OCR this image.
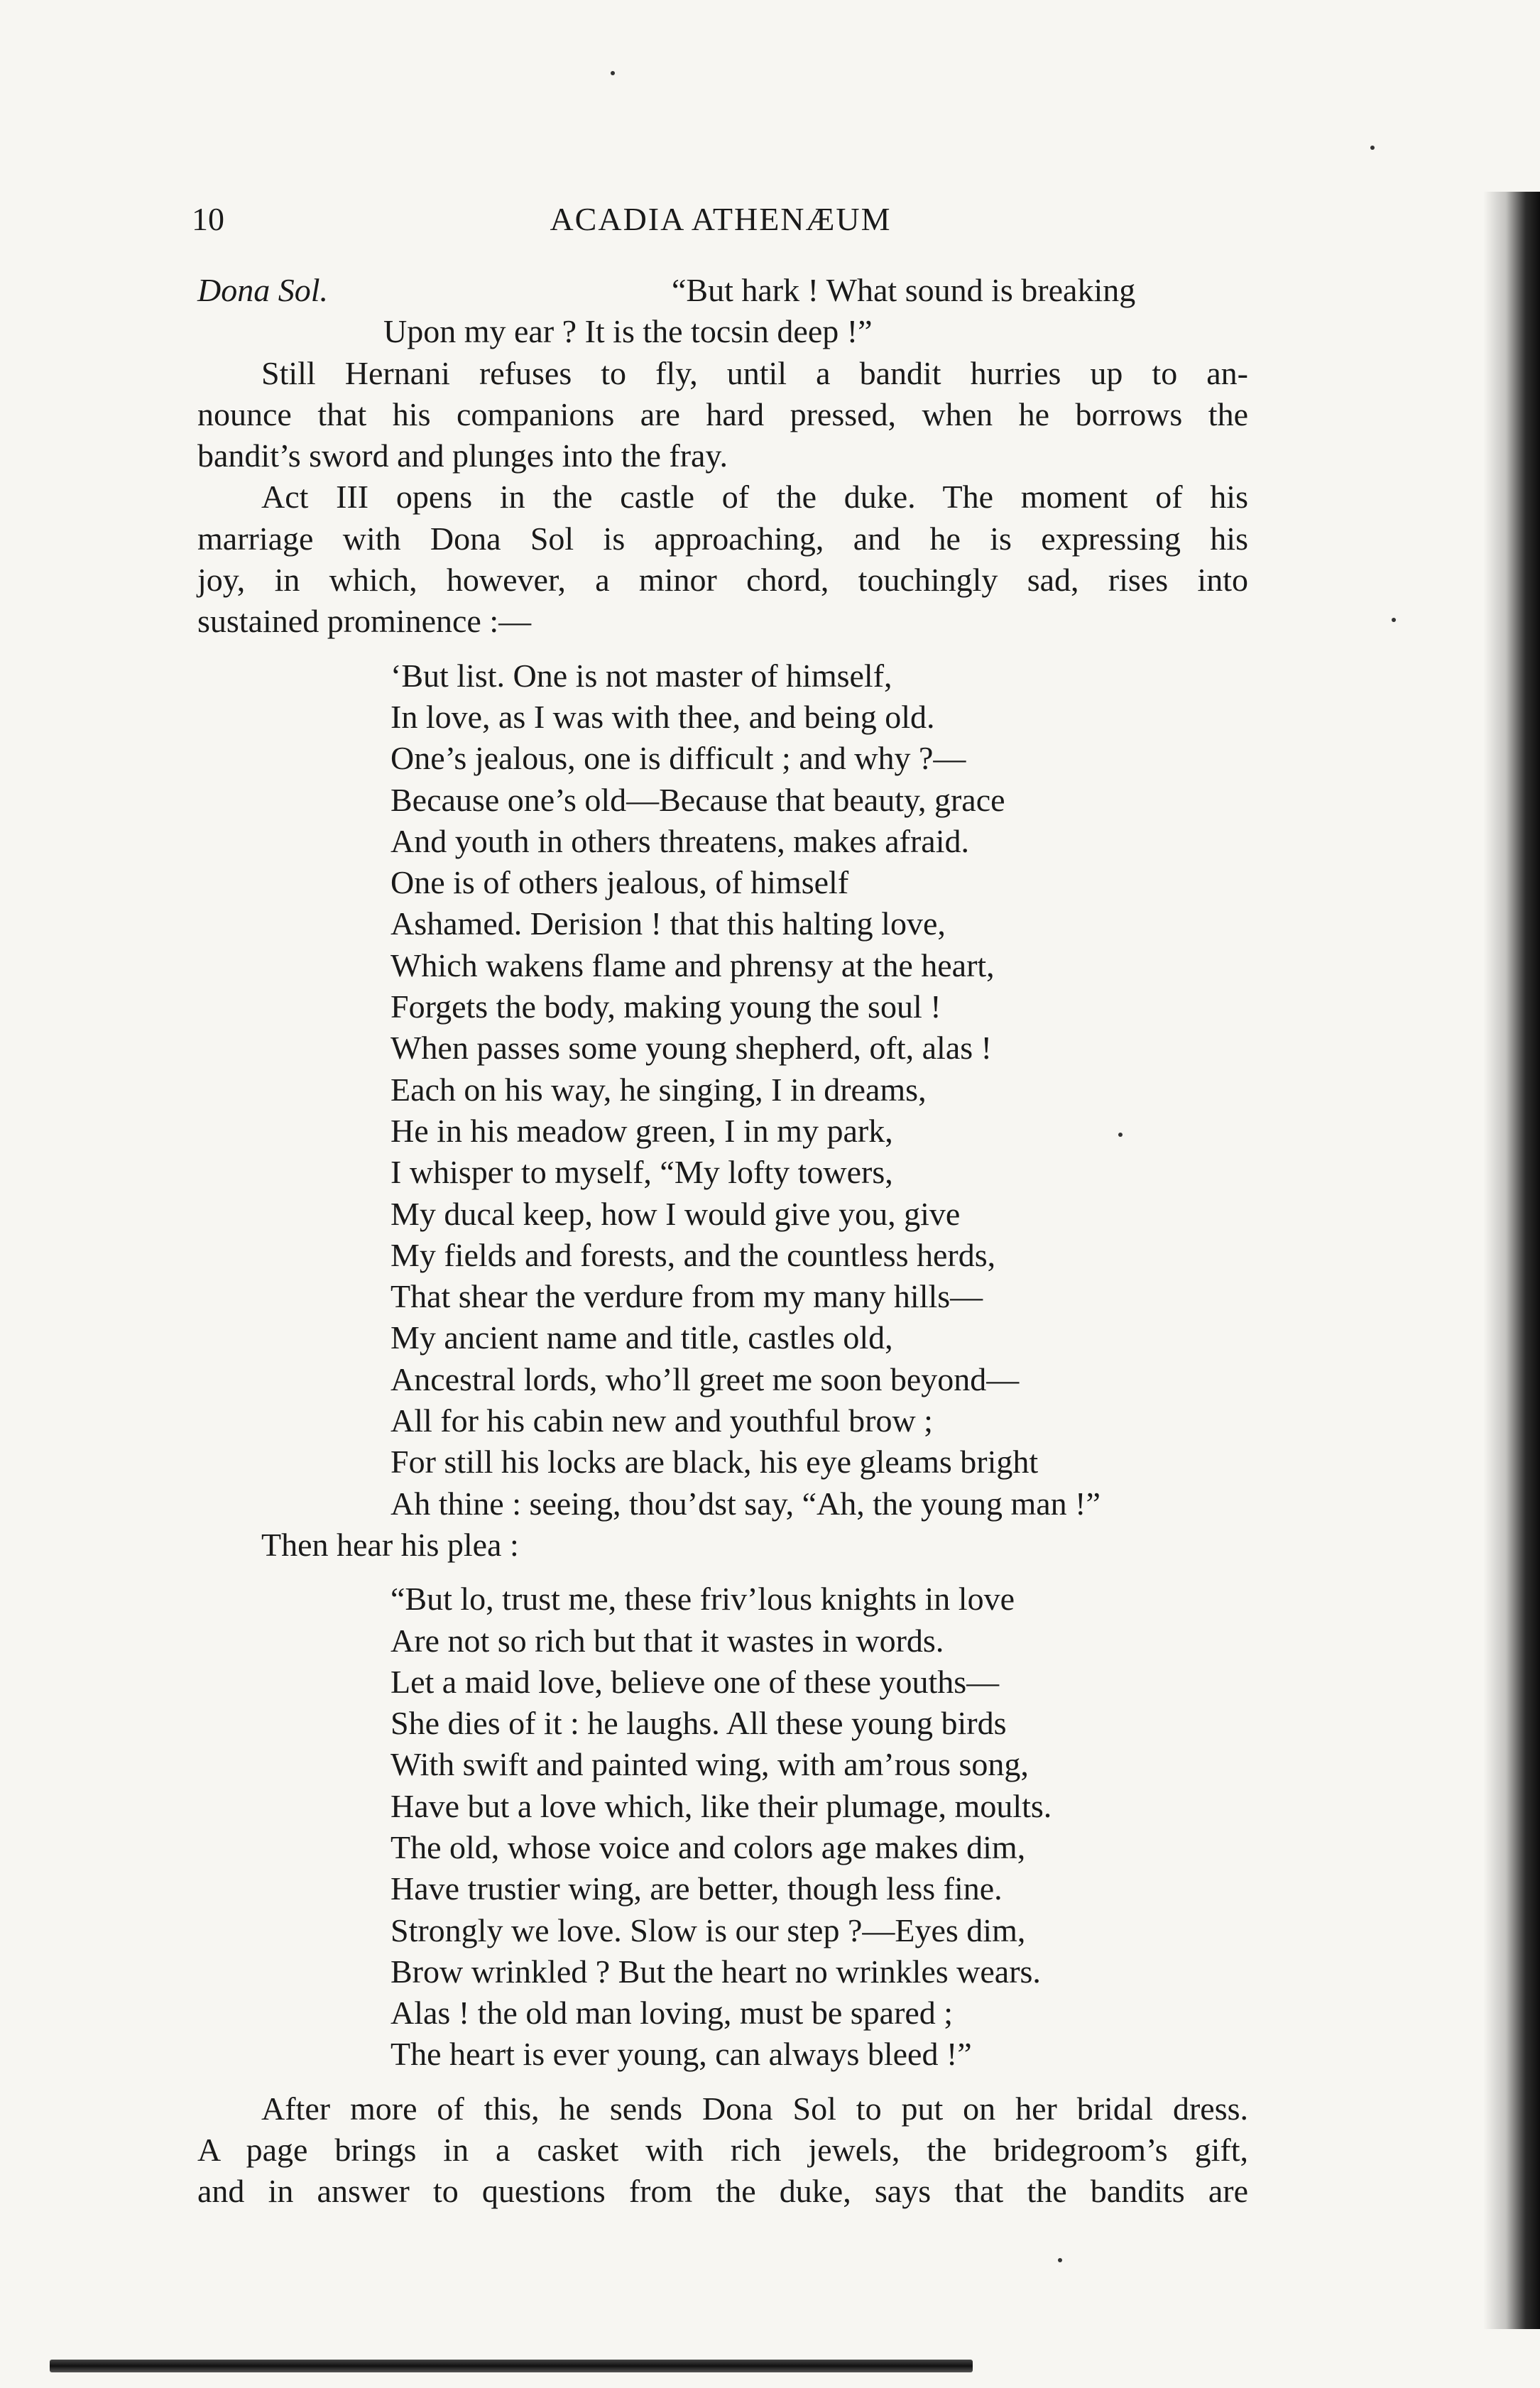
10	ACADIA ATHENÆUM
Dona Sol.	“But hark ! What sound is breaking
Upon my ear ? It is the tocsin deep !”
Still Hernani refuses to fly, until a bandit hurries up to an-
nounce that his companions are hard pressed, when he borrows the
bandit’s sword and plunges into the fray.
Act III opens in the castle of the duke. The moment of his
marriage with Dona Sol is approaching, and he is expressing his
joy, in which, however, a minor chord, touchingly sad, rises into
sustained prominence :—
‘But list. One is not master of himself,
In love, as I was with thee, and being old.
One’s jealous, one is difficult ; and why ?—
Because one’s old—Because that beauty, grace
And youth in others threatens, makes afraid.
One is of others jealous, of himself
Ashamed. Derision ! that this halting love,
Which wakens flame and phrensy at the heart,
Forgets the body, making young the soul !
When passes some young shepherd, oft, alas !
Each on his way, he singing, I in dreams,
He in his meadow green, I in my park,
I whisper to myself, “My lofty towers,
My ducal keep, how I would give you, give
My fields and forests, and the countless herds,
That shear the verdure from my many hills—
My ancient name and title, castles old,
Ancestral lords, who’ll greet me soon beyond—
All for his cabin new and youthful brow ;
For still his locks are black, his eye gleams bright
Ah thine : seeing, thou’dst say, “Ah, the young man !”
Then hear his plea :
“But lo, trust me, these friv’lous knights in love
Are not so rich but that it wastes in words.
Let a maid love, believe one of these youths—
She dies of it : he laughs. All these young birds
With swift and painted wing, with am’rous song,
Have but a love which, like their plumage, moults.
The old, whose voice and colors age makes dim,
Have trustier wing, are better, though less fine.
Strongly we love. Slow is our step ?—Eyes dim,
Brow wrinkled ? But the heart no wrinkles wears.
Alas ! the old man loving, must be spared ;
The heart is ever young, can always bleed !”
After more of this, he sends Dona Sol to put on her bridal dress.
A page brings in a casket with rich jewels, the bridegroom’s gift,
and in answer to questions from the duke, says that the bandits are
